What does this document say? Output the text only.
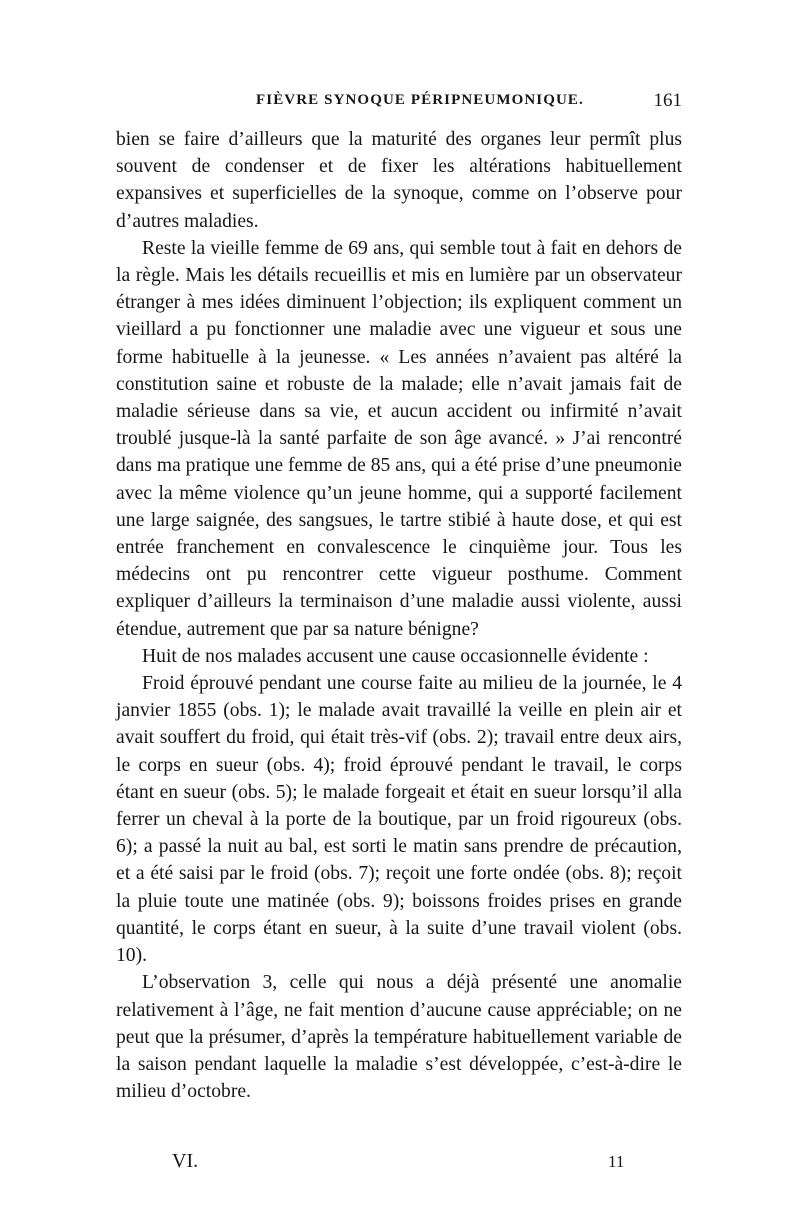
FIÈVRE SYNOQUE PÉRIPNEUMONIQUE.	161

bien se faire d’ailleurs que la maturité des organes leur permît plus souvent de condenser et de fixer les altérations habituellement expansives et superficielles de la synoque, comme on l’observe pour d’autres maladies.

Reste la vieille femme de 69 ans, qui semble tout à fait en dehors de la règle. Mais les détails recueillis et mis en lumière par un observateur étranger à mes idées diminuent l’objection; ils expliquent comment un vieillard a pu fonctionner une maladie avec une vigueur et sous une forme habituelle à la jeunesse. « Les années n’avaient pas altéré la constitution saine et robuste de la malade; elle n’avait jamais fait de maladie sérieuse dans sa vie, et aucun accident ou infirmité n’avait troublé jusque-là la santé parfaite de son âge avancé. » J’ai rencontré dans ma pratique une femme de 85 ans, qui a été prise d’une pneumonie avec la même violence qu’un jeune homme, qui a supporté facilement une large saignée, des sangsues, le tartre stibié à haute dose, et qui est entrée franchement en convalescence le cinquième jour. Tous les médecins ont pu rencontrer cette vigueur posthume. Comment expliquer d’ailleurs la terminaison d’une maladie aussi violente, aussi étendue, autrement que par sa nature bénigne?

Huit de nos malades accusent une cause occasionnelle évidente :

Froid éprouvé pendant une course faite au milieu de la journée, le 4 janvier 1855 (obs. 1); le malade avait travaillé la veille en plein air et avait souffert du froid, qui était très-vif (obs. 2); travail entre deux airs, le corps en sueur (obs. 4); froid éprouvé pendant le travail, le corps étant en sueur (obs. 5); le malade forgeait et était en sueur lorsqu’il alla ferrer un cheval à la porte de la boutique, par un froid rigoureux (obs. 6); a passé la nuit au bal, est sorti le matin sans prendre de précaution, et a été saisi par le froid (obs. 7); reçoit une forte ondée (obs. 8); reçoit la pluie toute une matinée (obs. 9); boissons froides prises en grande quantité, le corps étant en sueur, à la suite d’une travail violent (obs. 10).

L’observation 3, celle qui nous a déjà présenté une anomalie relativement à l’âge, ne fait mention d’aucune cause appréciable; on ne peut que la présumer, d’après la température habituellement variable de la saison pendant laquelle la maladie s’est développée, c’est-à-dire le milieu d’octobre.

VI.	11
